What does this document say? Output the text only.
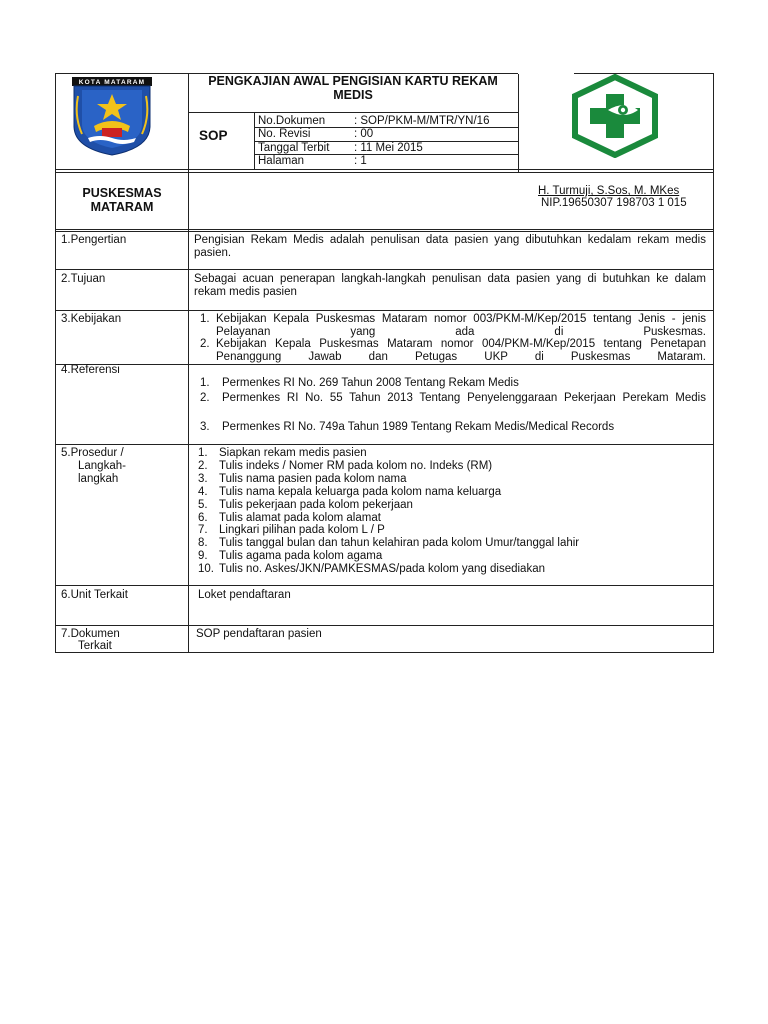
KOTA MATARAM	PENGKAJIAN AWAL PENGISIAN KARTU REKAM MEDIS
SOP
No.Dokumen	: SOP/PKM-M/MTR/YN/16
No. Revisi	: 00
Tanggal Terbit : 11 Mei 2015
Halaman	: 1
PUSKESMAS
MATARAM
H. Turmuji, S.Sos, M. MKes
NIP.19650307 198703 1 015
1.Pengertian	Pengisian Rekam Medis adalah penulisan data pasien yang dibutuhkan kedalam rekam medis pasien.
2.Tujuan	Sebagai acuan penerapan langkah-langkah penulisan data pasien yang di butuhkan ke dalam rekam medis pasien
3.Kebijakan	1. Kebijakan Kepala Puskesmas Mataram nomor 003/PKM-M/Kep/2015 tentang Jenis - jenis Pelayanan yang ada di Puskesmas.
2. Kebijakan Kepala Puskesmas Mataram nomor 004/PKM-M/Kep/2015 tentang Penetapan Penanggung Jawab dan Petugas UKP di Puskesmas Mataram.
4.Referensi
1. Permenkes RI No. 269 Tahun 2008 Tentang Rekam Medis
2. Permenkes RI No. 55 Tahun 2013 Tentang Penyelenggaraan Pekerjaan Perekam Medis
3. Permenkes RI No. 749a Tahun 1989 Tentang Rekam Medis/Medical Records
5.Prosedur /
Langkah-
langkah
1. Siapkan rekam medis pasien
2. Tulis indeks / Nomer RM pada kolom no. Indeks (RM)
3. Tulis nama pasien pada kolom nama
4. Tulis nama kepala keluarga pada kolom nama keluarga
5. Tulis pekerjaan pada kolom pekerjaan
6. Tulis alamat pada kolom alamat
7. Lingkari pilihan pada kolom L / P
8. Tulis tanggal bulan dan tahun kelahiran pada kolom Umur/tanggal lahir
9. Tulis agama pada kolom agama
10. Tulis no. Askes/JKN/PAMKESMAS/pada kolom yang disediakan
6.Unit Terkait	Loket pendaftaran
7.Dokumen
Terkait
SOP pendaftaran pasien
